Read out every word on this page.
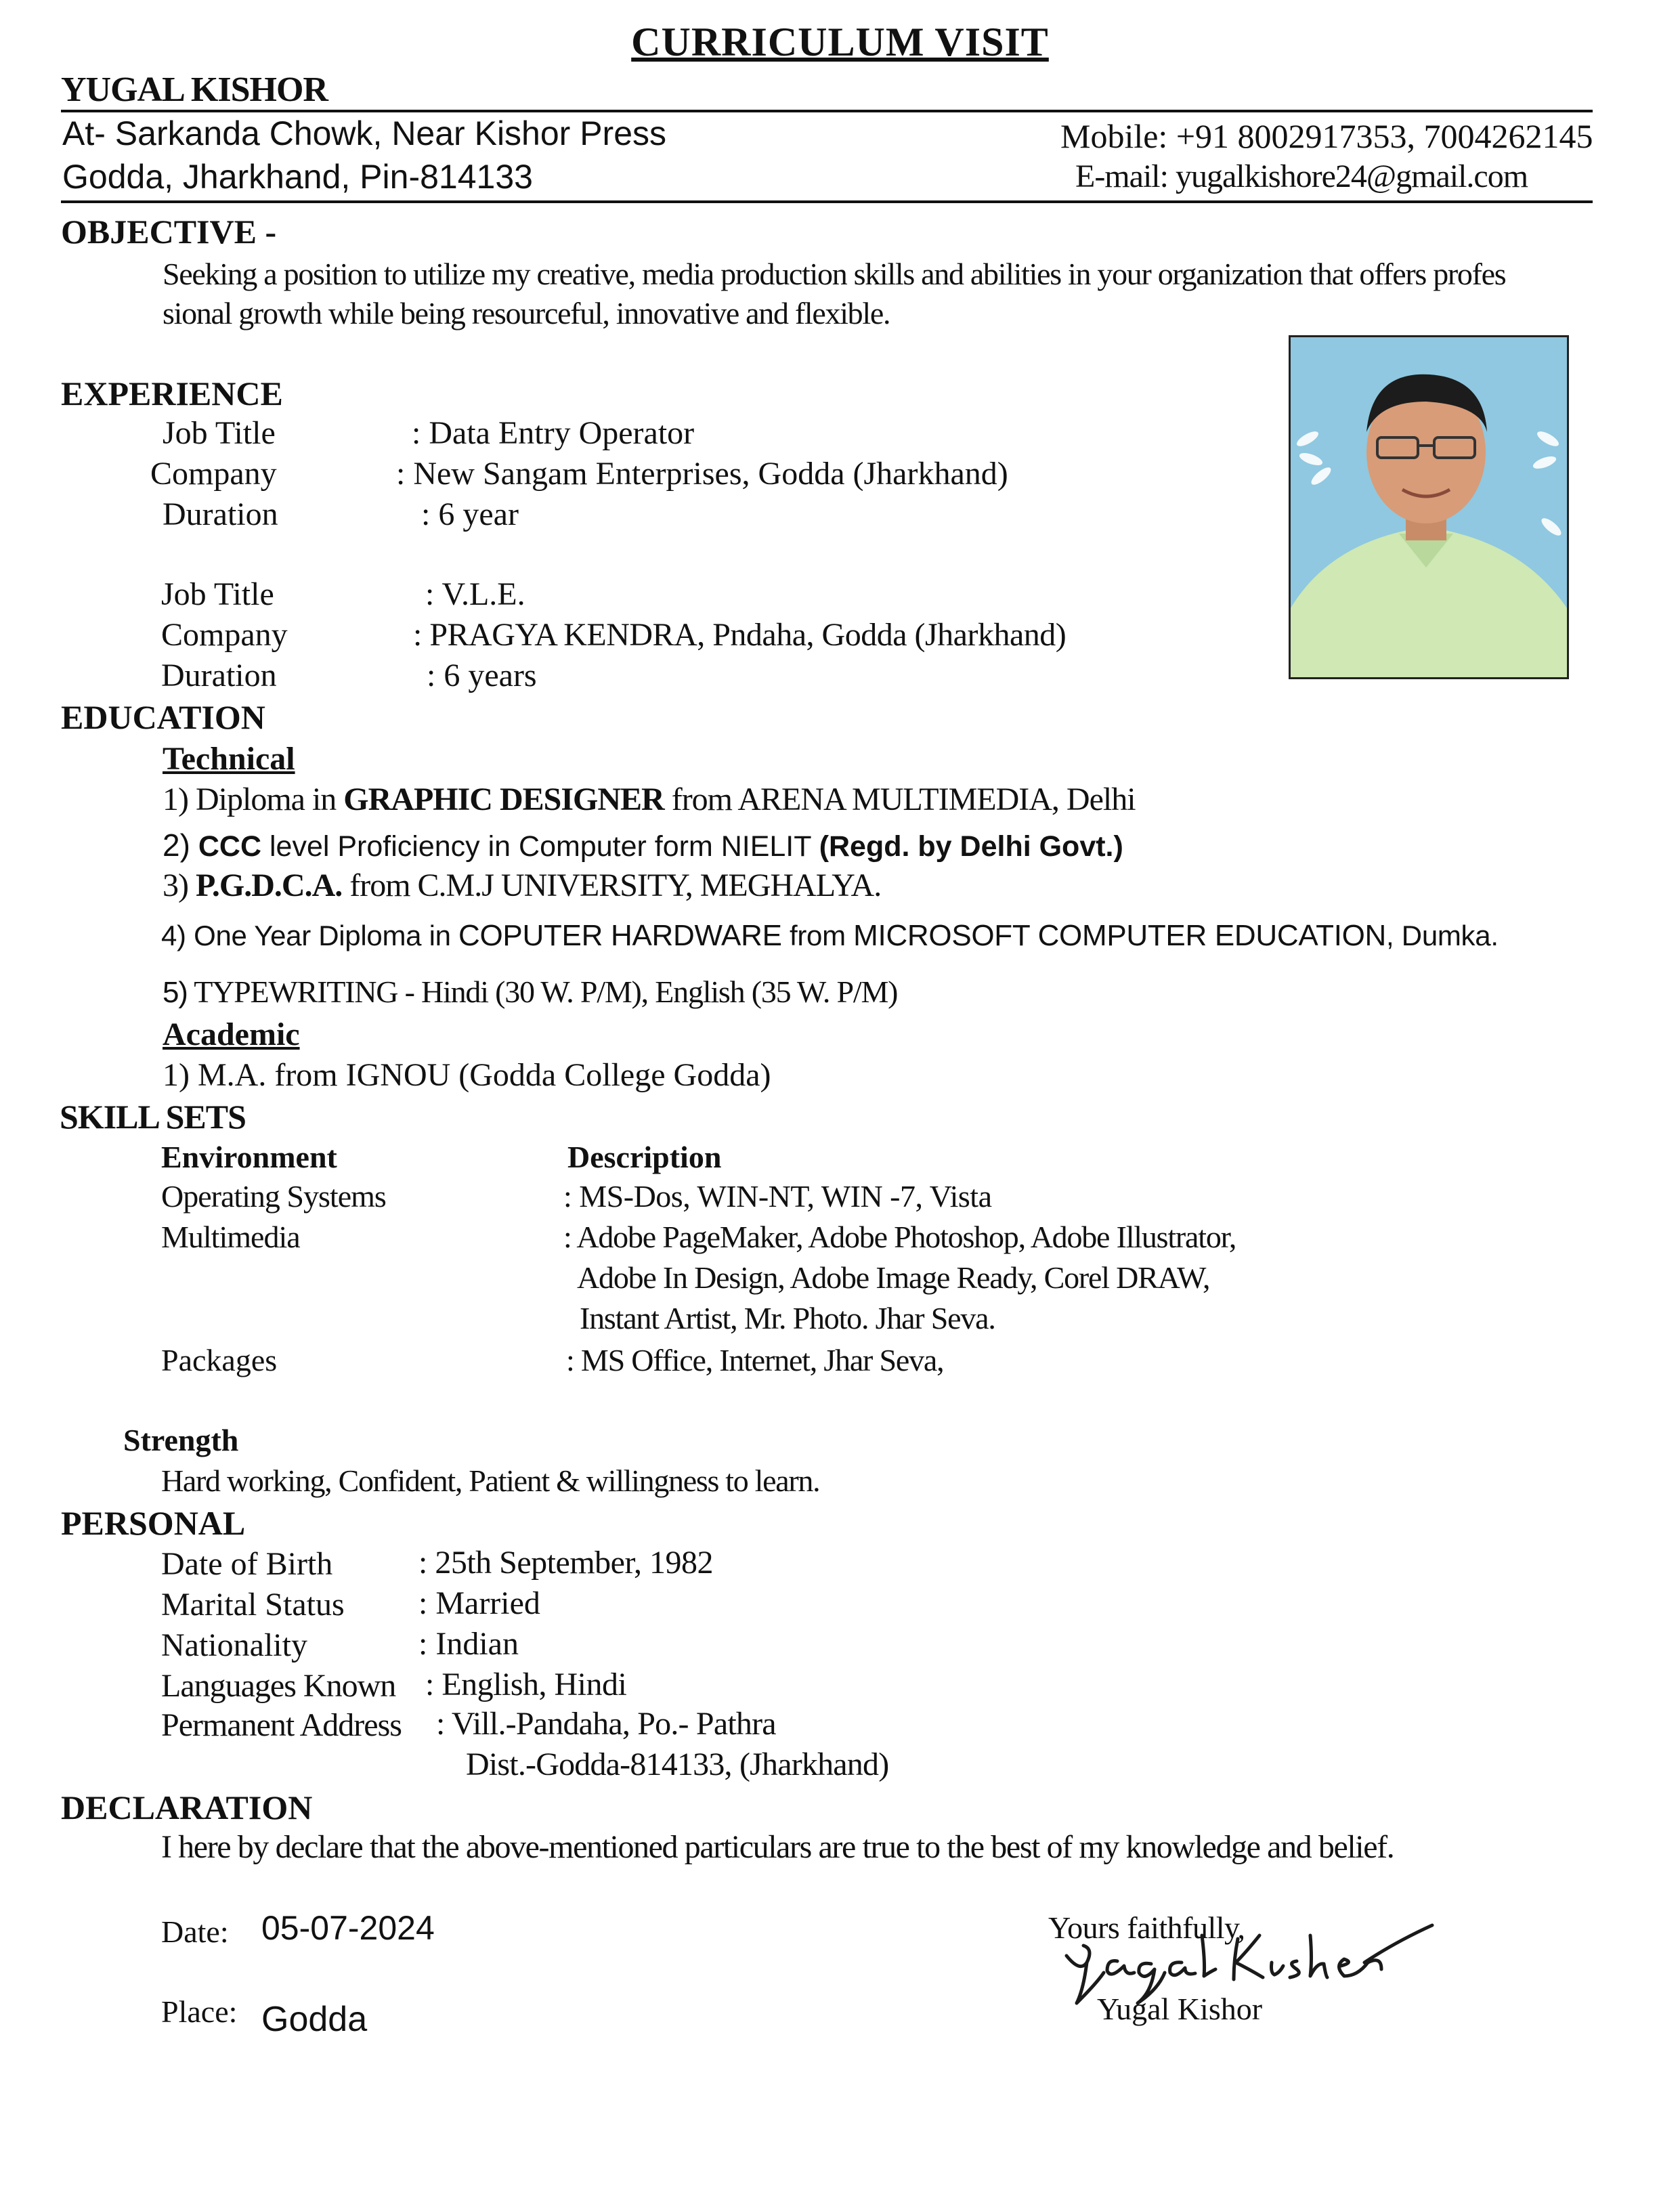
CURRICULUM VISIT
YUGAL KISHOR
At- Sarkanda Chowk, Near Kishor Press
Godda, Jharkhand, Pin-814133
Mobile: +91 8002917353, 7004262145
E-mail: yugalkishore24@gmail.com
OBJECTIVE -
Seeking a position to utilize my creative, media production skills and abilities in your organization that offers profes
sional growth while being resourceful, innovative and flexible.
EXPERIENCE
Job Title	: Data Entry Operator
Company	: New Sangam Enterprises, Godda (Jharkhand)
Duration	: 6 year
Job Title	: V.L.E.
Company	: PRAGYA KENDRA, Pndaha, Godda (Jharkhand)
Duration	: 6 years
EDUCATION
Technical
1) Diploma in GRAPHIC DESIGNER from ARENA MULTIMEDIA, Delhi
2) CCC level Proficiency in Computer form NIELIT (Regd. by Delhi Govt.)
3) P.G.D.C.A. from C.M.J UNIVERSITY, MEGHALYA.
4) One Year Diploma in COPUTER HARDWARE from MICROSOFT COMPUTER EDUCATION, Dumka.
5) TYPEWRITING - Hindi (30 W. P/M), English (35 W. P/M)
Academic
1) M.A. from IGNOU (Godda College Godda)
SKILL SETS
Environment	Description
Operating Systems	: MS-Dos, WIN-NT, WIN -7, Vista
Multimedia	: Adobe PageMaker, Adobe Photoshop, Adobe Illustrator,
Adobe In Design, Adobe Image Ready, Corel DRAW,
Instant Artist, Mr. Photo. Jhar Seva.
Packages	: MS Office, Internet, Jhar Seva,
Strength
Hard working, Confident, Patient & willingness to learn.
PERSONAL
Date of Birth	: 25th September, 1982
Marital Status : Married
Nationality	: Indian
Languages Known : English, Hindi
Permanent Address : Vill.-Pandaha, Po.- Pathra
Dist.-Godda-814133, (Jharkhand)
DECLARATION
I here by declare that the above-mentioned particulars are true to the best of my knowledge and belief.
Date: 05-07-2024
Place: Godda
Yours faithfully,
Yugal Kishor
